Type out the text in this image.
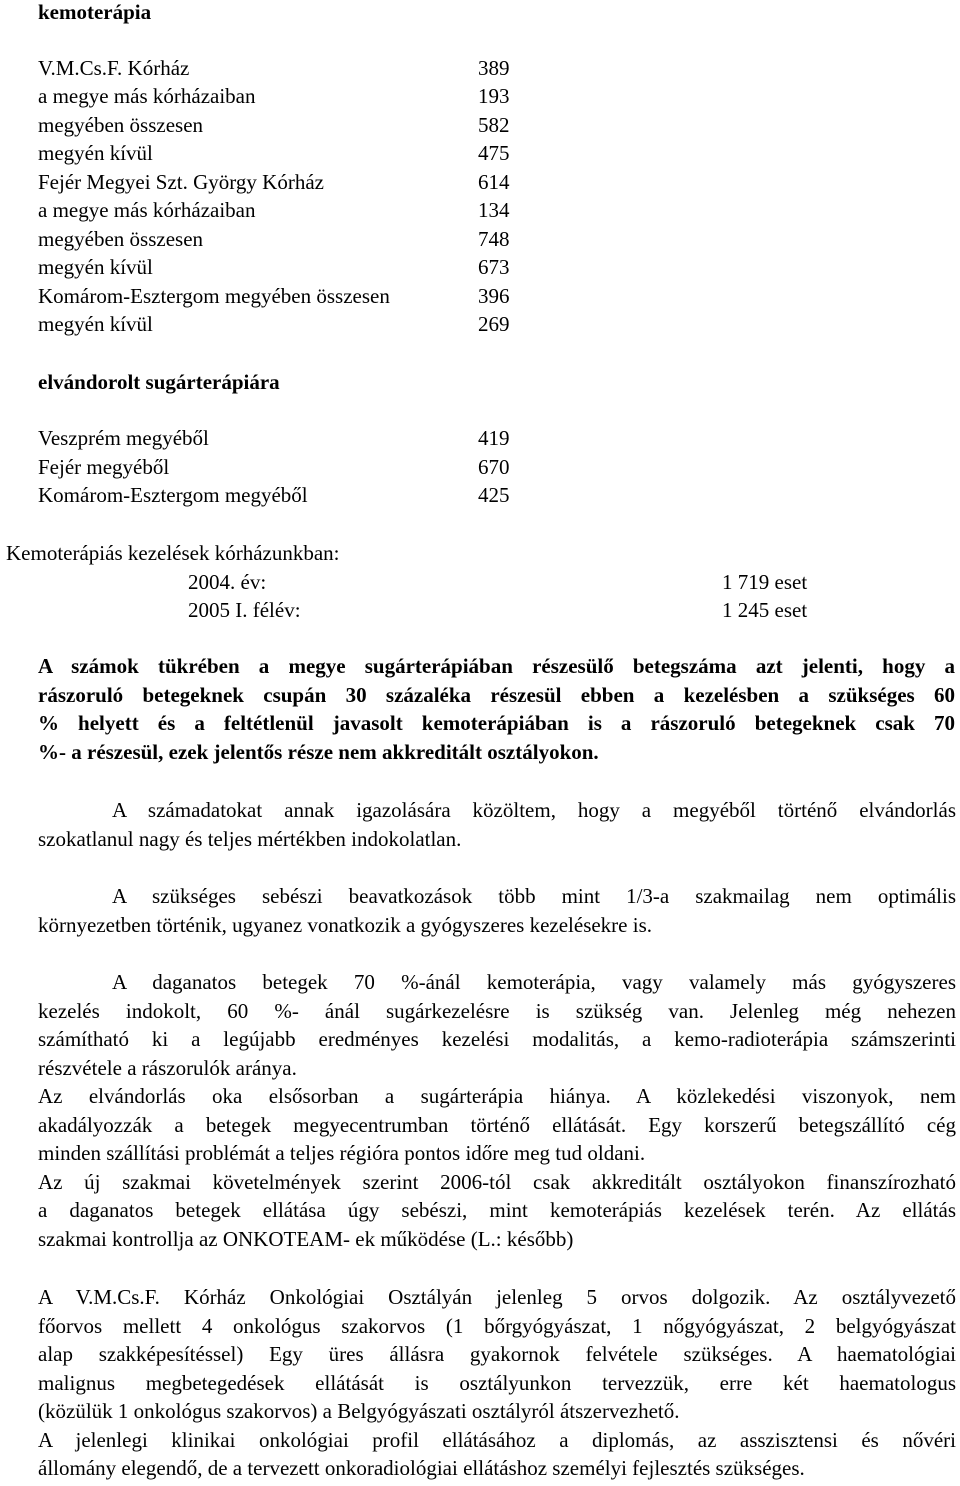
kemoterápia
V.M.Cs.F. Kórház	389
a megye más kórházaiban	193
megyében összesen	582
megyén kívül	475
Fejér Megyei Szt. György Kórház	614
a megye más kórházaiban	134
megyében összesen	748
megyén kívül	673
Komárom-Esztergom megyében összesen	396
megyén kívül	269
elvándorolt sugárterápiára
Veszprém megyéből	419
Fejér megyéből	670
Komárom-Esztergom megyéből	425
Kemoterápiás kezelések kórházunkban:
2004. év:	1 719 eset
2005 I. félév:	1 245 eset
A számok tükrében a megye sugárterápiában részesülő betegszáma azt jelenti, hogy a
rászoruló betegeknek csupán 30 százaléka részesül ebben a kezelésben a szükséges 60
% helyett és a feltétlenül javasolt kemoterápiában is a rászoruló betegeknek csak 70
%- a részesül, ezek jelentős része nem akkreditált osztályokon.
A számadatokat annak igazolására közöltem, hogy a megyéből történő elvándorlás
szokatlanul nagy és teljes mértékben indokolatlan.
A szükséges sebészi beavatkozások több mint 1/3-a szakmailag nem optimális
környezetben történik, ugyanez vonatkozik a gyógyszeres kezelésekre is.
A daganatos betegek 70 %-ánál kemoterápia, vagy valamely más gyógyszeres
kezelés indokolt, 60 %- ánál sugárkezelésre is szükség van. Jelenleg még nehezen
számítható ki a legújabb eredményes kezelési modalitás, a kemo-radioterápia számszerinti
részvétele a rászorulók aránya.
Az elvándorlás oka elsősorban a sugárterápia hiánya. A közlekedési viszonyok, nem
akadályozzák a betegek megyecentrumban történő ellátását. Egy korszerű betegszállító cég
minden szállítási problémát a teljes régióra pontos időre meg tud oldani.
Az új szakmai követelmények szerint 2006-tól csak akkreditált osztályokon finanszírozható
a daganatos betegek ellátása úgy sebészi, mint kemoterápiás kezelések terén. Az ellátás
szakmai kontrollja az ONKOTEAM- ek működése (L.: később)
A V.M.Cs.F. Kórház Onkológiai Osztályán jelenleg 5 orvos dolgozik. Az osztályvezető
főorvos mellett 4 onkológus szakorvos (1 bőrgyógyászat, 1 nőgyógyászat, 2 belgyógyászat
alap szakképesítéssel) Egy üres állásra gyakornok felvétele szükséges. A haematológiai
malignus megbetegedések ellátását is osztályunkon tervezzük, erre két haematologus
(közülük 1 onkológus szakorvos) a Belgyógyászati osztályról átszervezhető.
A jelenlegi klinikai onkológiai profil ellátásához a diplomás, az asszisztensi és nővéri
állomány elegendő, de a tervezett onkoradiológiai ellátáshoz személyi fejlesztés szükséges.
